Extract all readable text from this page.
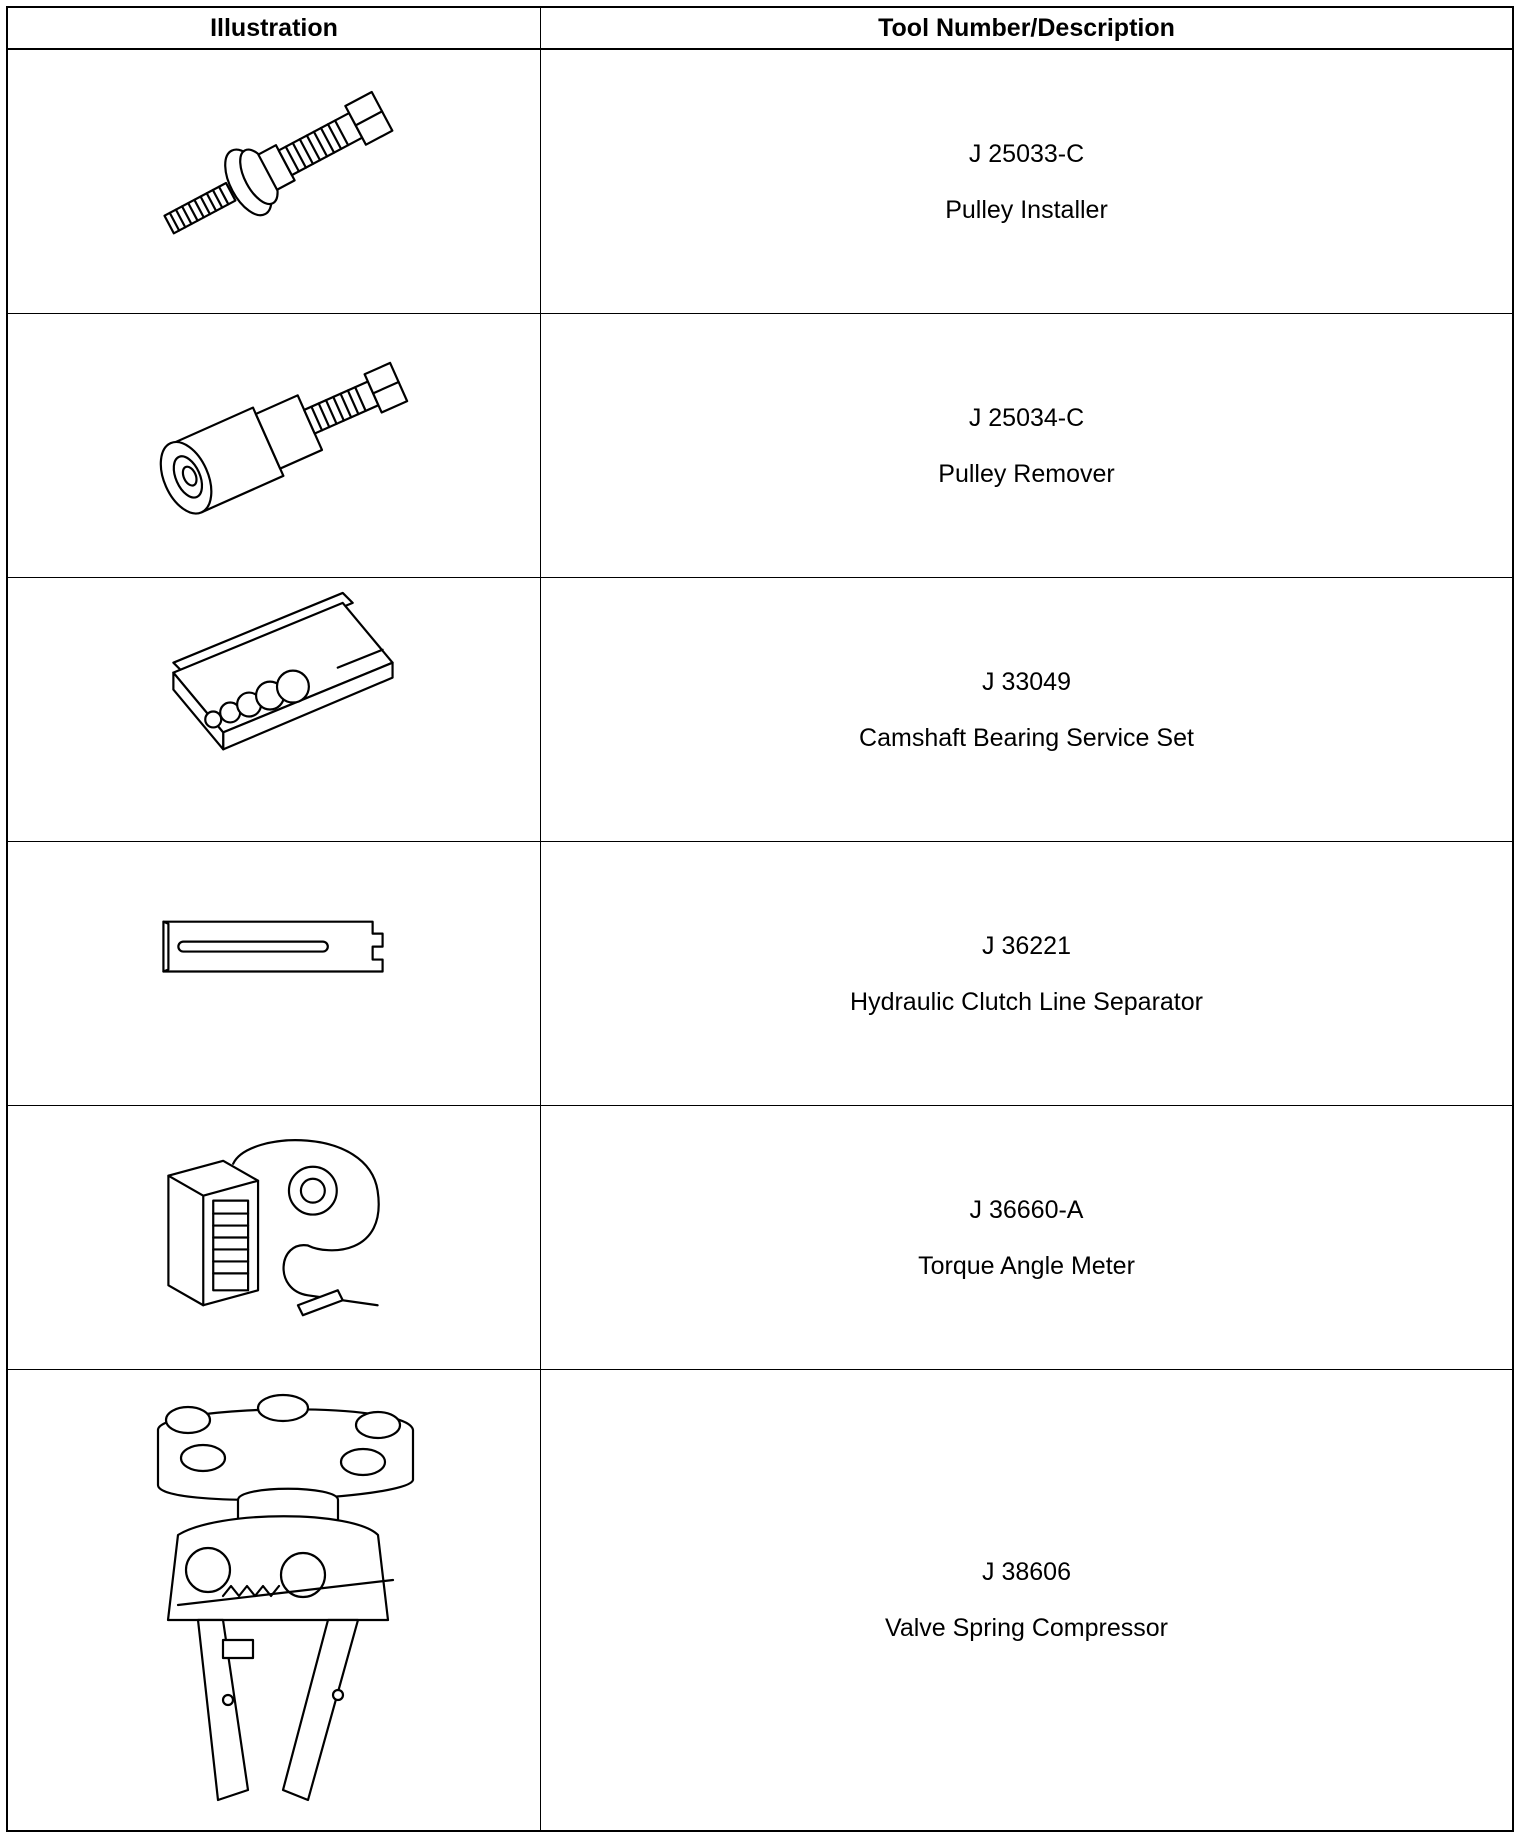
Illustration	Tool Number/Description
J 25033-C
Pulley Installer
J 25034-C
Pulley Remover
J 33049
Camshaft Bearing Service Set
J 36221
Hydraulic Clutch Line Separator
J 36660-A
Torque Angle Meter
J 38606
Valve Spring Compressor
